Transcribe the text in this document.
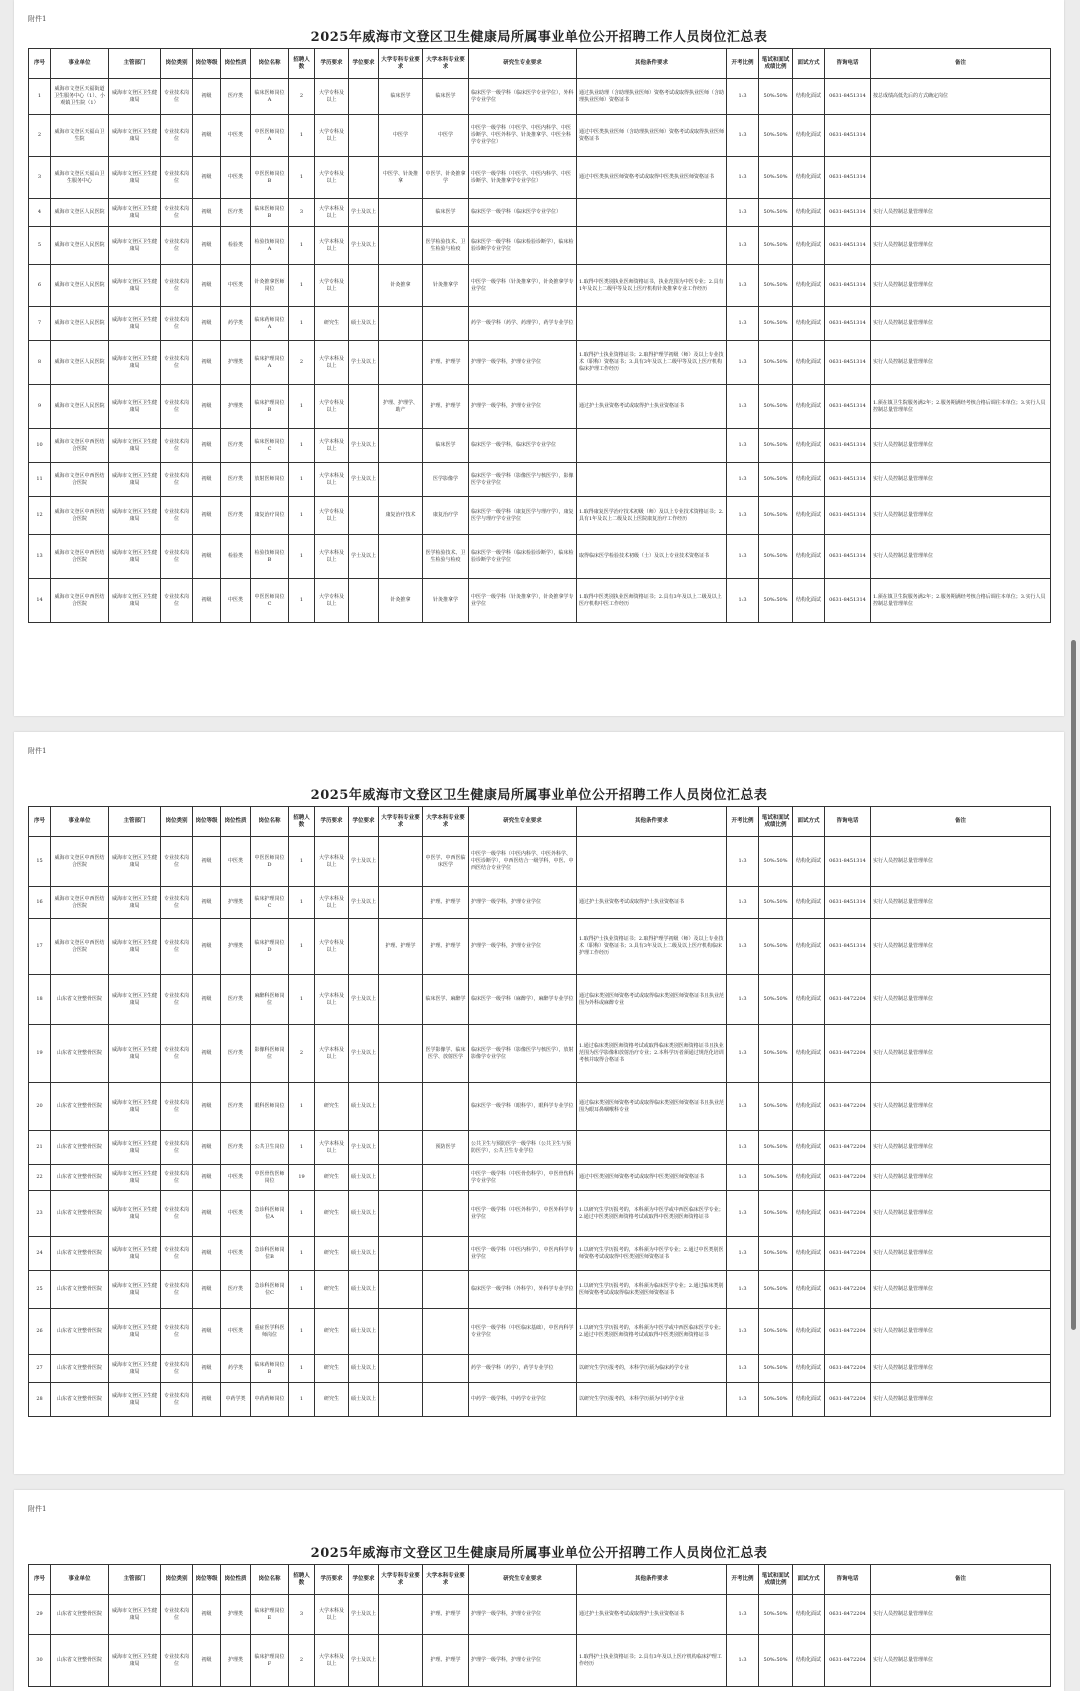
附件1
2025年威海市文登区卫生健康局所属事业单位公开招聘工作人员岗位汇总表
序号	事业单位	主管部门	岗位类别	岗位等级	岗位性质	岗位名称	招聘人数	学历要求	学位要求	大学专科专业要求	大学本科专业要求	研究生专业要求	其他条件要求	开考比例	笔试和面试成绩比例	面试方式	咨询电话	备注
1	威海市文登区天福街道卫生服务中心（1）、小观镇卫生院（1）	威海市文登区卫生健康局	专业技术岗位	初级	医疗类	临床医师岗位A	2	大学专科及以上		临床医学	临床医学	临床医学一级学科（临床医学专业学位），外科学专业学位	通过执业助理（含助理执业医师）资格考试或取得执业医师（含助理执业医师）资格证书	1:3	50%:50%	结构化面试	0631-8451314	按总成绩高低先后的方式确定岗位
2	威海市文登区天福山卫生院	威海市文登区卫生健康局	专业技术岗位	初级	中医类	中医医师岗位A	1	大学专科及以上		中医学	中医学	中医学一级学科（中医学、中医内科学、中医诊断学、中医外科学、针灸推拿学、中医全科学专业学位）	通过中医类执业医师（含助理执业医师）资格考试或取得执业医师资格证书	1:3	50%:50%	结构化面试	0631-8451314	
3	威海市文登区天福山卫生服务中心	威海市文登区卫生健康局	专业技术岗位	初级	中医类	中医医师岗位B	1	大学专科及以上		中医学、针灸推拿	中医学、针灸推拿学	中医学一级学科（中医学、中医内科学、中医诊断学、针灸推拿学专业学位）	通过中医类执业医师资格考试或取得中医类执业医师资格证书	1:3	50%:50%	结构化面试	0631-8451314	
4	威海市文登区人民医院	威海市文登区卫生健康局	专业技术岗位	初级	医疗类	临床医师岗位B	3	大学本科及以上	学士及以上		临床医学	临床医学一级学科（临床医学专业学位）		1:3	50%:50%	结构化面试	0631-8451314	实行人员控制总量管理单位
5	威海市文登区人民医院	威海市文登区卫生健康局	专业技术岗位	初级	检验类	检验技师岗位A	1	大学本科及以上	学士及以上		医学检验技术、卫生检验与检疫	临床医学一级学科（临床检验诊断学），临床检验诊断学专业学位		1:3	50%:50%	结构化面试	0631-8451314	实行人员控制总量管理单位
6	威海市文登区人民医院	威海市文登区卫生健康局	专业技术岗位	初级	中医类	针灸推拿医师岗位	1	大学专科及以上		针灸推拿	针灸推拿学	中医学一级学科（针灸推拿学），针灸推拿学专业学位	1.取得中医类别执业医师资格证书，执业范围为中医专业；2.具有1年及以上二级甲等及以上医疗机构针灸推拿专业工作经历	1:3	50%:50%	结构化面试	0631-8451314	实行人员控制总量管理单位
7	威海市文登区人民医院	威海市文登区卫生健康局	专业技术岗位	初级	药学类	临床药师岗位A	1	研究生	硕士及以上			药学一级学科（药学、药理学），药学专业学位		1:3	50%:50%	结构化面试	0631-8451314	实行人员控制总量管理单位
8	威海市文登区人民医院	威海市文登区卫生健康局	专业技术岗位	初级	护理类	临床护理岗位A	2	大学本科及以上	学士及以上		护理、护理学	护理学一级学科，护理专业学位	1.取得护士执业资格证书；2.取得护理学初级（师）及以上专业技术（职称）资格证书；3.具有3年及以上二级甲等及以上医疗机构临床护理工作经历	1:3	50%:50%	结构化面试	0631-8451314	实行人员控制总量管理单位
9	威海市文登区人民医院	威海市文登区卫生健康局	专业技术岗位	初级	护理类	临床护理岗位B	1	大学专科及以上		护理、护理学、助产	护理、护理学	护理学一级学科，护理专业学位	通过护士执业资格考试或取得护士执业资格证书	1:3	50%:50%	结构化面试	0631-8451314	1.须在镇卫生院服务满2年；2.服务期满经考核合格后调往本单位；3.实行人员控制总量管理单位
10	威海市文登区中西医结合医院	威海市文登区卫生健康局	专业技术岗位	初级	医疗类	临床医师岗位C	1	大学本科及以上	学士及以上		临床医学	临床医学一级学科，临床医学专业学位		1:3	50%:50%	结构化面试	0631-8451314	实行人员控制总量管理单位
11	威海市文登区中西医结合医院	威海市文登区卫生健康局	专业技术岗位	初级	医疗类	放射医师岗位	1	大学本科及以上	学士及以上		医学影像学	临床医学一级学科（影像医学与核医学），影像医学专业学位		1:3	50%:50%	结构化面试	0631-8451314	实行人员控制总量管理单位
12	威海市文登区中西医结合医院	威海市文登区卫生健康局	专业技术岗位	初级	医疗类	康复治疗岗位	1	大学专科及以上		康复治疗技术	康复治疗学	临床医学一级学科（康复医学与理疗学），康复医学与理疗学专业学位	1.取得康复医学治疗技术初级（师）及以上专业技术资格证书；2.具有1年及以上二级及以上医院康复治疗工作经历	1:3	50%:50%	结构化面试	0631-8451314	实行人员控制总量管理单位
13	威海市文登区中西医结合医院	威海市文登区卫生健康局	专业技术岗位	初级	检验类	检验技师岗位B	1	大学本科及以上	学士及以上		医学检验技术、卫生检验与检疫	临床医学一级学科（临床检验诊断学），临床检验诊断学专业学位	取得临床医学检验技术初级（士）及以上专业技术资格证书	1:3	50%:50%	结构化面试	0631-8451314	实行人员控制总量管理单位
14	威海市文登区中西医结合医院	威海市文登区卫生健康局	专业技术岗位	初级	中医类	中医医师岗位C	1	大学专科及以上		针灸推拿	针灸推拿学	中医学一级学科（针灸推拿学），针灸推拿学专业学位	1.取得中医类别执业医师资格证书；2.具有3年及以上二级及以上医疗机构中医工作经历	1:3	50%:50%	结构化面试	0631-8451314	1.须在镇卫生院服务满2年；2.服务期满经考核合格后调往本单位；3.实行人员控制总量管理单位
附件1
2025年威海市文登区卫生健康局所属事业单位公开招聘工作人员岗位汇总表
序号	事业单位	主管部门	岗位类别	岗位等级	岗位性质	岗位名称	招聘人数	学历要求	学位要求	大学专科专业要求	大学本科专业要求	研究生专业要求	其他条件要求	开考比例	笔试和面试成绩比例	面试方式	咨询电话	备注
15	威海市文登区中西医结合医院	威海市文登区卫生健康局	专业技术岗位	初级	中医类	中医医师岗位D	1	大学本科及以上	学士及以上		中医学、中西医临床医学	中医学一级学科（中医内科学、中医外科学、中医诊断学），中西医结合一级学科，中医、中西医结合专业学位		1:3	50%:50%	结构化面试	0631-8451314	实行人员控制总量管理单位
16	威海市文登区中西医结合医院	威海市文登区卫生健康局	专业技术岗位	初级	护理类	临床护理岗位C	1	大学本科及以上	学士及以上		护理、护理学	护理学一级学科，护理专业学位	通过护士执业资格考试或取得护士执业资格证书	1:3	50%:50%	结构化面试	0631-8451314	实行人员控制总量管理单位
17	威海市文登区中西医结合医院	威海市文登区卫生健康局	专业技术岗位	初级	护理类	临床护理岗位D	1	大学专科及以上		护理、护理学	护理、护理学	护理学一级学科，护理专业学位	1.取得护士执业资格证书；2.取得护理学初级（师）及以上专业技术（职称）资格证书；3.具有3年及以上二级及以上医疗机构临床护理工作经历	1:3	50%:50%	结构化面试	0631-8451314	实行人员控制总量管理单位
18	山东省文登整骨医院	威海市文登区卫生健康局	专业技术岗位	初级	医疗类	麻醉科医师岗位	1	大学本科及以上	学士及以上		临床医学、麻醉学	临床医学一级学科（麻醉学），麻醉学专业学位	通过临床类别医师资格考试或取得临床类别医师资格证书且执业范围为外科或麻醉专业	1:3	50%:50%	结构化面试	0631-8472204	实行人员控制总量管理单位
19	山东省文登整骨医院	威海市文登区卫生健康局	专业技术岗位	初级	医疗类	影像科医师岗位	2	大学本科及以上	学士及以上		医学影像学、临床医学、放射医学	临床医学一级学科（影像医学与核医学），放射影像学专业学位	1.通过临床类别医师资格考试或取得临床类别医师资格证书且执业范围为医学影像和放射治疗专业；2.本科学历者须通过规范化培训考核并取得合格证书	1:3	50%:50%	结构化面试	0631-8472204	实行人员控制总量管理单位
20	山东省文登整骨医院	威海市文登区卫生健康局	专业技术岗位	初级	医疗类	眼科医师岗位	1	研究生	硕士及以上			临床医学一级学科（眼科学），眼科学专业学位	通过临床类别医师资格考试或取得临床类别医师资格证书且执业范围为眼耳鼻咽喉科专业	1:3	50%:50%	结构化面试	0631-8472204	实行人员控制总量管理单位
21	山东省文登整骨医院	威海市文登区卫生健康局	专业技术岗位	初级	医疗类	公共卫生岗位	1	大学本科及以上	学士及以上		预防医学	公共卫生与预防医学一级学科（公共卫生与预防医学），公共卫生专业学位		1:3	50%:50%	结构化面试	0631-8472204	实行人员控制总量管理单位
22	山东省文登整骨医院	威海市文登区卫生健康局	专业技术岗位	初级	中医类	中医骨伤医师岗位	19	研究生	硕士及以上			中医学一级学科（中医骨伤科学），中医骨伤科学专业学位	通过中医类别医师资格考试或取得中医类别医师资格证书	1:3	50%:50%	结构化面试	0631-8472204	实行人员控制总量管理单位
23	山东省文登整骨医院	威海市文登区卫生健康局	专业技术岗位	初级	中医类	急诊科医师岗位A	1	研究生	硕士及以上			中医学一级学科（中医外科学），中医外科学专业学位	1.以研究生学历报考的，本科须为中医学或中西医临床医学专业；2.通过中医类别医师资格考试或取得中医类别医师资格证书	1:3	50%:50%	结构化面试	0631-8472204	实行人员控制总量管理单位
24	山东省文登整骨医院	威海市文登区卫生健康局	专业技术岗位	初级	中医类	急诊科医师岗位B	1	研究生	硕士及以上			中医学一级学科（中医内科学），中医内科学专业学位	1.以研究生学历报考的，本科须为中医学专业；2.通过中医类别医师资格考试或取得中医类别医师资格证书	1:3	50%:50%	结构化面试	0631-8472204	实行人员控制总量管理单位
25	山东省文登整骨医院	威海市文登区卫生健康局	专业技术岗位	初级	医疗类	急诊科医师岗位C	1	研究生	硕士及以上			临床医学一级学科（外科学），外科学专业学位	1.以研究生学历报考的，本科须为临床医学专业；2.通过临床类别医师资格考试或取得临床类别医师资格证书	1:3	50%:50%	结构化面试	0631-8472204	实行人员控制总量管理单位
26	山东省文登整骨医院	威海市文登区卫生健康局	专业技术岗位	初级	中医类	重症医学科医师岗位	1	研究生	硕士及以上			中医学一级学科（中医临床基础），中医内科学专业学位	1.以研究生学历报考的，本科须为中医学或中西医临床医学专业；2.通过中医类别医师资格考试或取得中医类别医师资格证书	1:3	50%:50%	结构化面试	0631-8472204	实行人员控制总量管理单位
27	山东省文登整骨医院	威海市文登区卫生健康局	专业技术岗位	初级	药学类	临床药师岗位B	1	研究生	硕士及以上			药学一级学科（药学），药学专业学位	以研究生学历报考的，本科学历须为临床药学专业	1:3	50%:50%	结构化面试	0631-8472204	实行人员控制总量管理单位
28	山东省文登整骨医院	威海市文登区卫生健康局	专业技术岗位	初级	中药学类	中药药师岗位	1	研究生	硕士及以上			中药学一级学科，中药学专业学位	以研究生学历报考的，本科学历须为中药学专业	1:3	50%:50%	结构化面试	0631-8472204	实行人员控制总量管理单位
附件1
2025年威海市文登区卫生健康局所属事业单位公开招聘工作人员岗位汇总表
序号	事业单位	主管部门	岗位类别	岗位等级	岗位性质	岗位名称	招聘人数	学历要求	学位要求	大学专科专业要求	大学本科专业要求	研究生专业要求	其他条件要求	开考比例	笔试和面试成绩比例	面试方式	咨询电话	备注
29	山东省文登整骨医院	威海市文登区卫生健康局	专业技术岗位	初级	护理类	临床护理岗位E	3	大学本科及以上	学士及以上		护理、护理学	护理学一级学科，护理专业学位	通过护士执业资格考试或取得护士执业资格证书	1:3	50%:50%	结构化面试	0631-8472204	实行人员控制总量管理单位
30	山东省文登整骨医院	威海市文登区卫生健康局	专业技术岗位	初级	护理类	临床护理岗位F	2	大学本科及以上	学士及以上		护理、护理学	护理学一级学科，护理专业学位	1.取得护士执业资格证书；2.具有3年及以上医疗机构临床护理工作经历	1:3	50%:50%	结构化面试	0631-8472204	实行人员控制总量管理单位
